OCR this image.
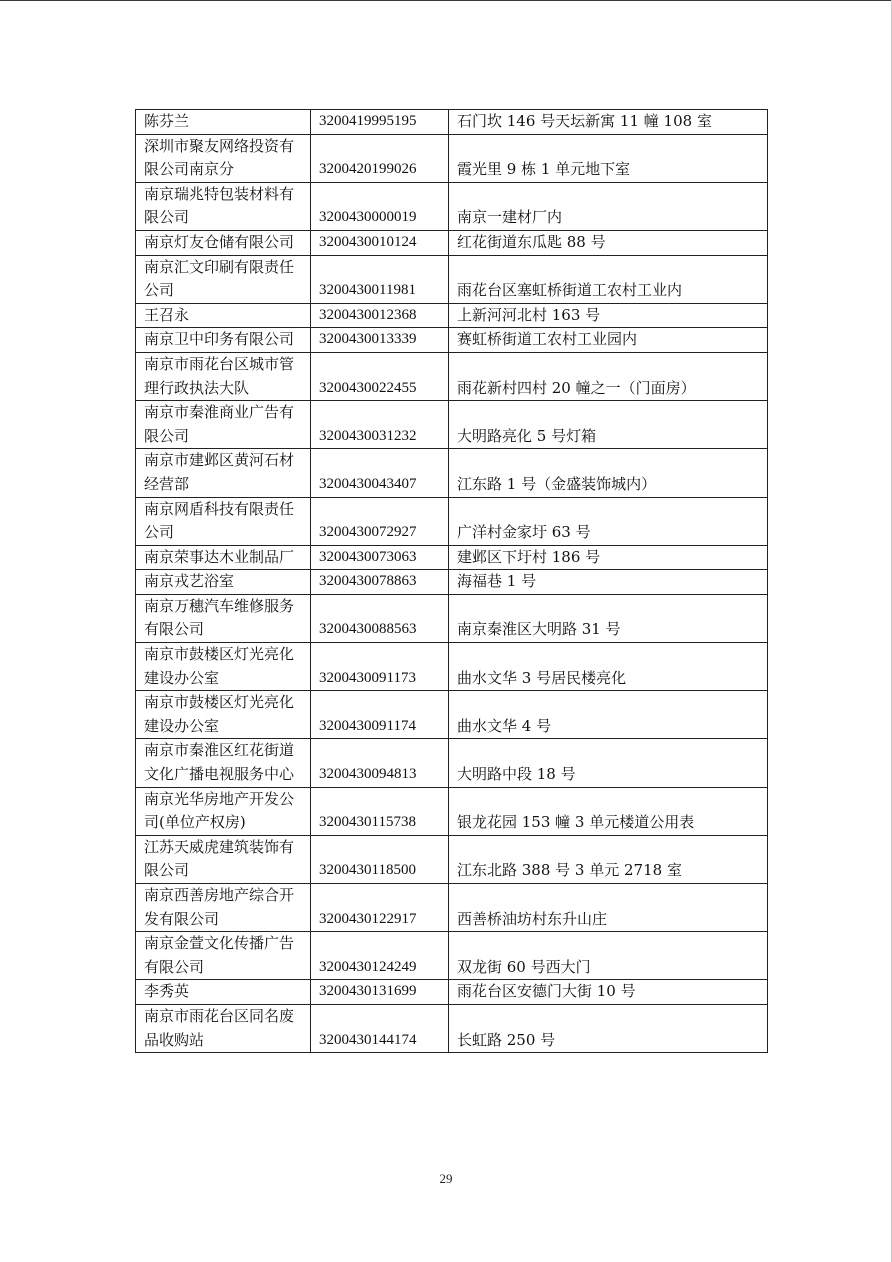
陈芬兰	3200419995195	石门坎 146 号天坛新寓 11 幢 108 室
深圳市聚友网络投资有限公司南京分	3200420199026	霞光里 9 栋 1 单元地下室
南京瑞兆特包装材料有限公司	3200430000019	南京一建材厂内
南京灯友仓储有限公司	3200430010124	红花街道东瓜匙 88 号
南京汇文印刷有限责任公司	3200430011981	雨花台区塞虹桥街道工农村工业内
王召永	3200430012368	上新河河北村 163 号
南京卫中印务有限公司	3200430013339	赛虹桥街道工农村工业园内
南京市雨花台区城市管理行政执法大队	3200430022455	雨花新村四村 20 幢之一（门面房）
南京市秦淮商业广告有限公司	3200430031232	大明路亮化 5 号灯箱
南京市建邺区黄河石材经营部	3200430043407	江东路 1 号（金盛装饰城内）
南京网盾科技有限责任公司	3200430072927	广洋村金家圩 63 号
南京荣事达木业制品厂	3200430073063	建邺区下圩村 186 号
南京戎艺浴室	3200430078863	海福巷 1 号
南京万穗汽车维修服务有限公司	3200430088563	南京秦淮区大明路 31 号
南京市鼓楼区灯光亮化建设办公室	3200430091173	曲水文华 3 号居民楼亮化
南京市鼓楼区灯光亮化建设办公室	3200430091174	曲水文华 4 号
南京市秦淮区红花街道文化广播电视服务中心	3200430094813	大明路中段 18 号
南京光华房地产开发公司(单位产权房)	3200430115738	银龙花园 153 幢 3 单元楼道公用表
江苏天威虎建筑装饰有限公司	3200430118500	江东北路 388 号 3 单元 2718 室
南京西善房地产综合开发有限公司	3200430122917	西善桥油坊村东升山庄
南京金萱文化传播广告有限公司	3200430124249	双龙街 60 号西大门
李秀英	3200430131699	雨花台区安德门大街 10 号
南京市雨花台区同名废品收购站	3200430144174	长虹路 250 号
29
